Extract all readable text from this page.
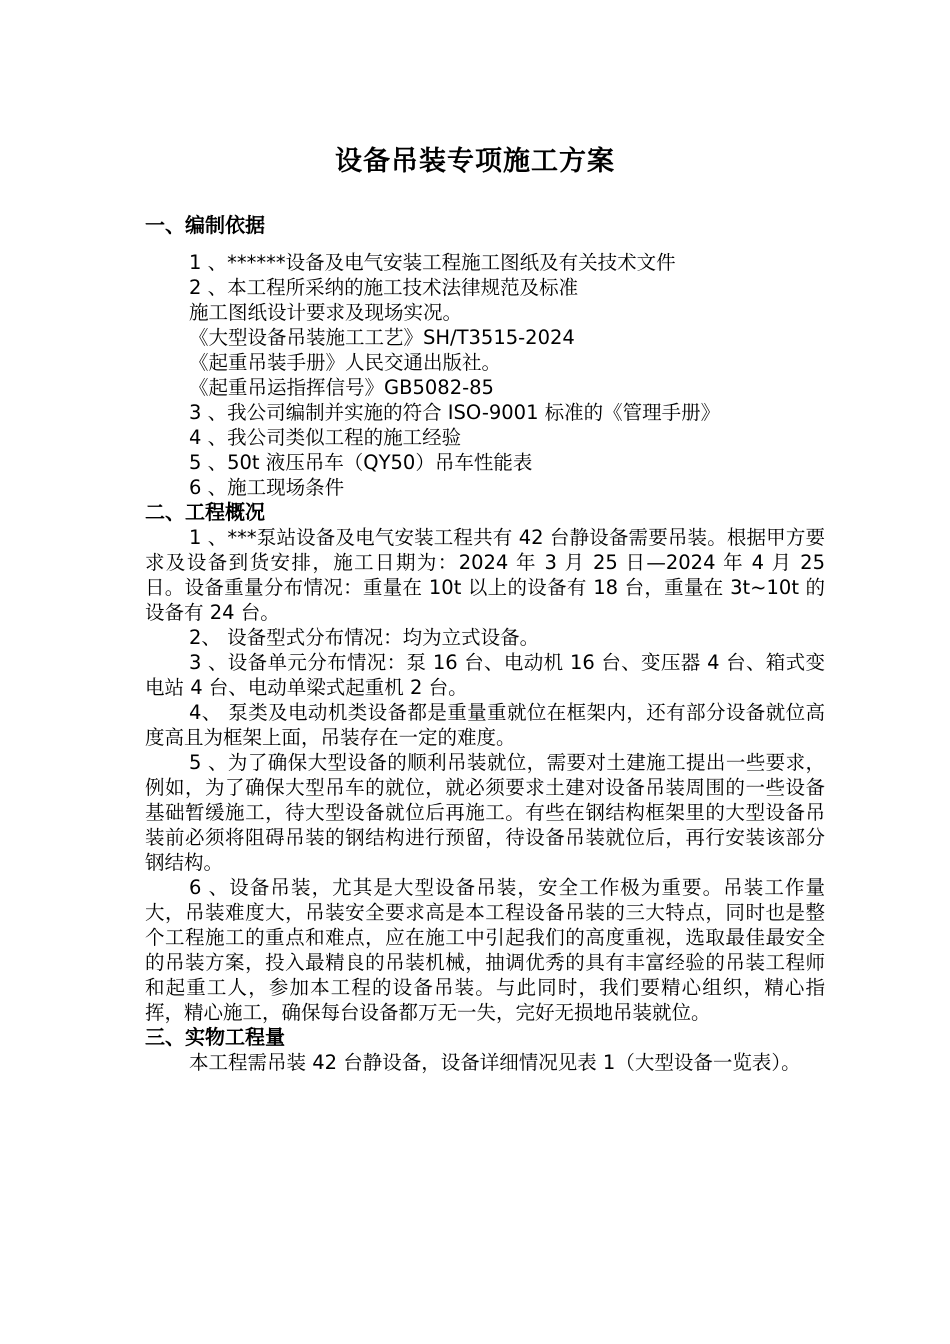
设备吊装专项施工方案

一、编制依据

1 、******设备及电气安装工程施工图纸及有关技术文件

2 、本工程所采纳的施工技术法律规范及标准

施工图纸设计要求及现场实况。

《大型设备吊装施工工艺》SH/T3515-2024

《起重吊装手册》人民交通出版社。

《起重吊运指挥信号》GB5082-85

3 、我公司编制并实施的符合 ISO-9001 标准的《管理手册》

4 、我公司类似工程的施工经验

5 、50t 液压吊车（QY50）吊车性能表

6 、施工现场条件

二、工程概况

1 、***泵站设备及电气安装工程共有 42 台静设备需要吊装。根据甲方要求及设备到货安排，施工日期为：2024 年 3 月 25 日—2024 年 4 月 25 日。设备重量分布情况：重量在 10t 以上的设备有 18 台，重量在 3t~10t 的设备有 24 台。

2、 设备型式分布情况：均为立式设备。

3 、设备单元分布情况：泵 16 台、电动机 16 台、变压器 4 台、箱式变电站 4 台、电动单梁式起重机 2 台。

4、 泵类及电动机类设备都是重量重就位在框架内，还有部分设备就位高度高且为框架上面，吊装存在一定的难度。

5 、为了确保大型设备的顺利吊装就位，需要对土建施工提出一些要求，例如，为了确保大型吊车的就位，就必须要求土建对设备吊装周围的一些设备基础暂缓施工，待大型设备就位后再施工。有些在钢结构框架里的大型设备吊装前必须将阻碍吊装的钢结构进行预留，待设备吊装就位后，再行安装该部分钢结构。

6 、设备吊装，尤其是大型设备吊装，安全工作极为重要。吊装工作量大，吊装难度大，吊装安全要求高是本工程设备吊装的三大特点，同时也是整个工程施工的重点和难点，应在施工中引起我们的高度重视，选取最佳最安全的吊装方案，投入最精良的吊装机械，抽调优秀的具有丰富经验的吊装工程师和起重工人，参加本工程的设备吊装。与此同时，我们要精心组织，精心指挥，精心施工，确保每台设备都万无一失，完好无损地吊装就位。

三、实物工程量

本工程需吊装 42 台静设备，设备详细情况见表 1（大型设备一览表）。
